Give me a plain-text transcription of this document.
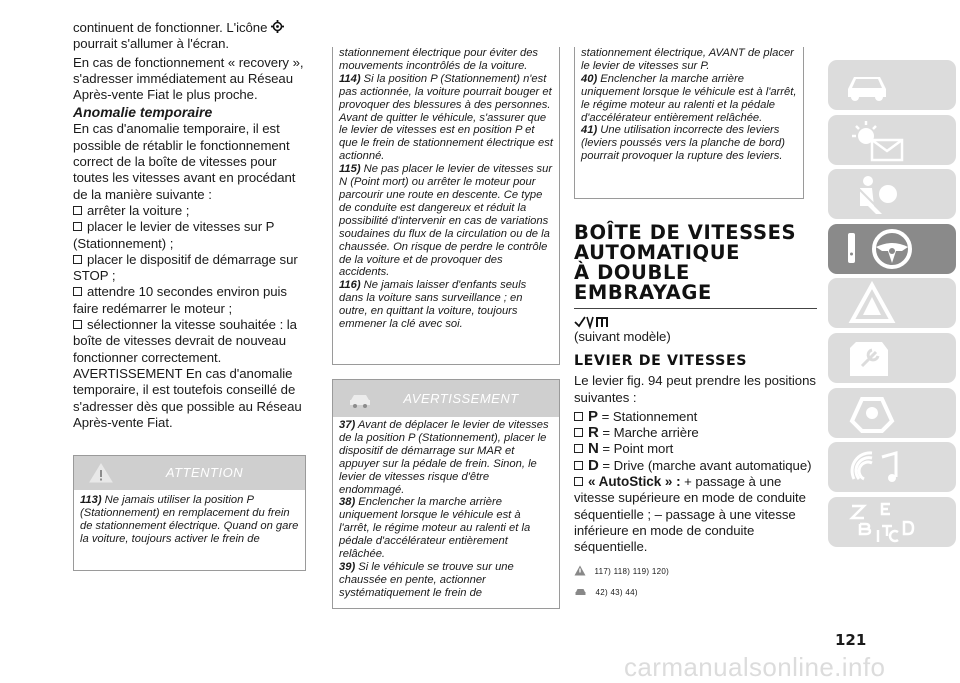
continuent de fonctionner. L'icône
pourrait s'allumer à l'écran.
En cas de fonctionnement « recovery », s'adresser immédiatement au Réseau Après-vente Fiat le plus proche.
Anomalie temporaire
En cas d'anomalie temporaire, il est possible de rétablir le fonctionnement correct de la boîte de vitesses pour toutes les vitesses avant en procédant de la manière suivante :
arrêter la voiture ;
placer le levier de vitesses sur P (Stationnement) ;
placer le dispositif de démarrage sur STOP ;
attendre 10 secondes environ puis faire redémarrer le moteur ;
sélectionner la vitesse souhaitée : la boîte de vitesses devrait de nouveau fonctionner correctement.
AVERTISSEMENT En cas d'anomalie temporaire, il est toutefois conseillé de s'adresser dès que possible au Réseau Après-vente Fiat.
ATTENTION
113) Ne jamais utiliser la position P (Stationnement) en remplacement du frein de stationnement électrique. Quand on gare la voiture, toujours activer le frein de
stationnement électrique pour éviter des mouvements incontrôlés de la voiture.
114) Si la position P (Stationnement) n'est pas actionnée, la voiture pourrait bouger et provoquer des blessures à des personnes. Avant de quitter le véhicule, s'assurer que le levier de vitesses est en position P et que le frein de stationnement électrique est actionné.
115) Ne pas placer le levier de vitesses sur N (Point mort) ou arrêter le moteur pour parcourir une route en descente. Ce type de conduite est dangereux et réduit la possibilité d'intervenir en cas de variations soudaines du flux de la circulation ou de la chaussée. On risque de perdre le contrôle de la voiture et de provoquer des accidents.
116) Ne jamais laisser d'enfants seuls dans la voiture sans surveillance ; en outre, en quittant la voiture, toujours emmener la clé avec soi.
AVERTISSEMENT
37) Avant de déplacer le levier de vitesses de la position P (Stationnement), placer le dispositif de démarrage sur MAR et appuyer sur la pédale de frein. Sinon, le levier de vitesses risque d'être endommagé.
38) Enclencher la marche arrière uniquement lorsque le véhicule est à l'arrêt, le régime moteur au ralenti et la pédale d'accélérateur entièrement relâchée.
39) Si le véhicule se trouve sur une chaussée en pente, actionner systématiquement le frein de
stationnement électrique, AVANT de placer le levier de vitesses sur P.
40) Enclencher la marche arrière uniquement lorsque le véhicule est à l'arrêt, le régime moteur au ralenti et la pédale d'accélérateur entièrement relâchée.
41) Une utilisation incorrecte des leviers (leviers poussés vers la planche de bord) pourrait provoquer la rupture des leviers.
BOÎTE DE VITESSES
AUTOMATIQUE
À DOUBLE
EMBRAYAGE
(suivant modèle)
LEVIER DE VITESSES
Le levier fig. 94 peut prendre les positions suivantes :
P = Stationnement
R = Marche arrière
N = Point mort
D = Drive (marche avant automatique)
« AutoStick » : + passage à une vitesse supérieure en mode de conduite séquentielle ; – passage à une vitesse inférieure en mode de conduite séquentielle.
117) 118) 119) 120)
42) 43) 44)
121
carmanualsonline.info
